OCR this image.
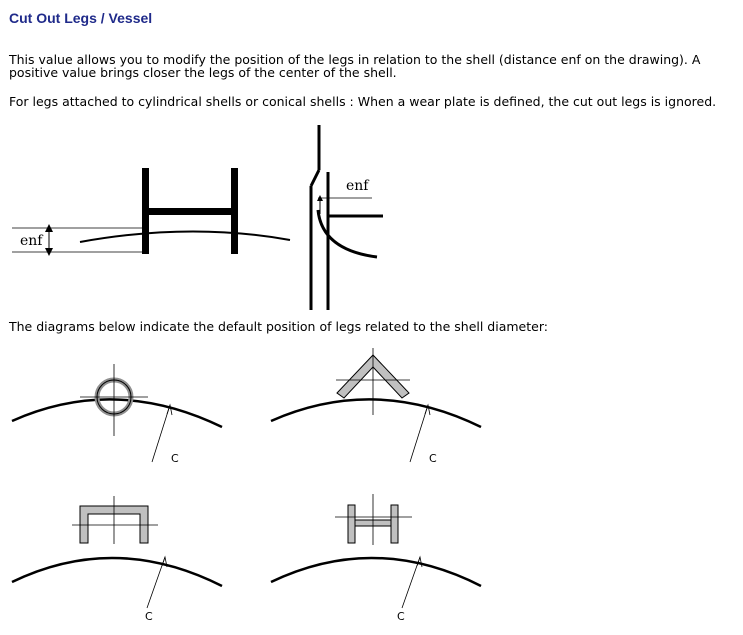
Cut Out Legs / Vessel

This value allows you to modify the position of the legs in relation to the shell (distance enf on the drawing). A positive value brings closer the legs of the center of the shell.

For legs attached to cylindrical shells or conical shells : When a wear plate is defined, the cut out legs is ignored.

enf
enf

The diagrams below indicate the default position of legs related to the shell diameter:

C	C
C	C
